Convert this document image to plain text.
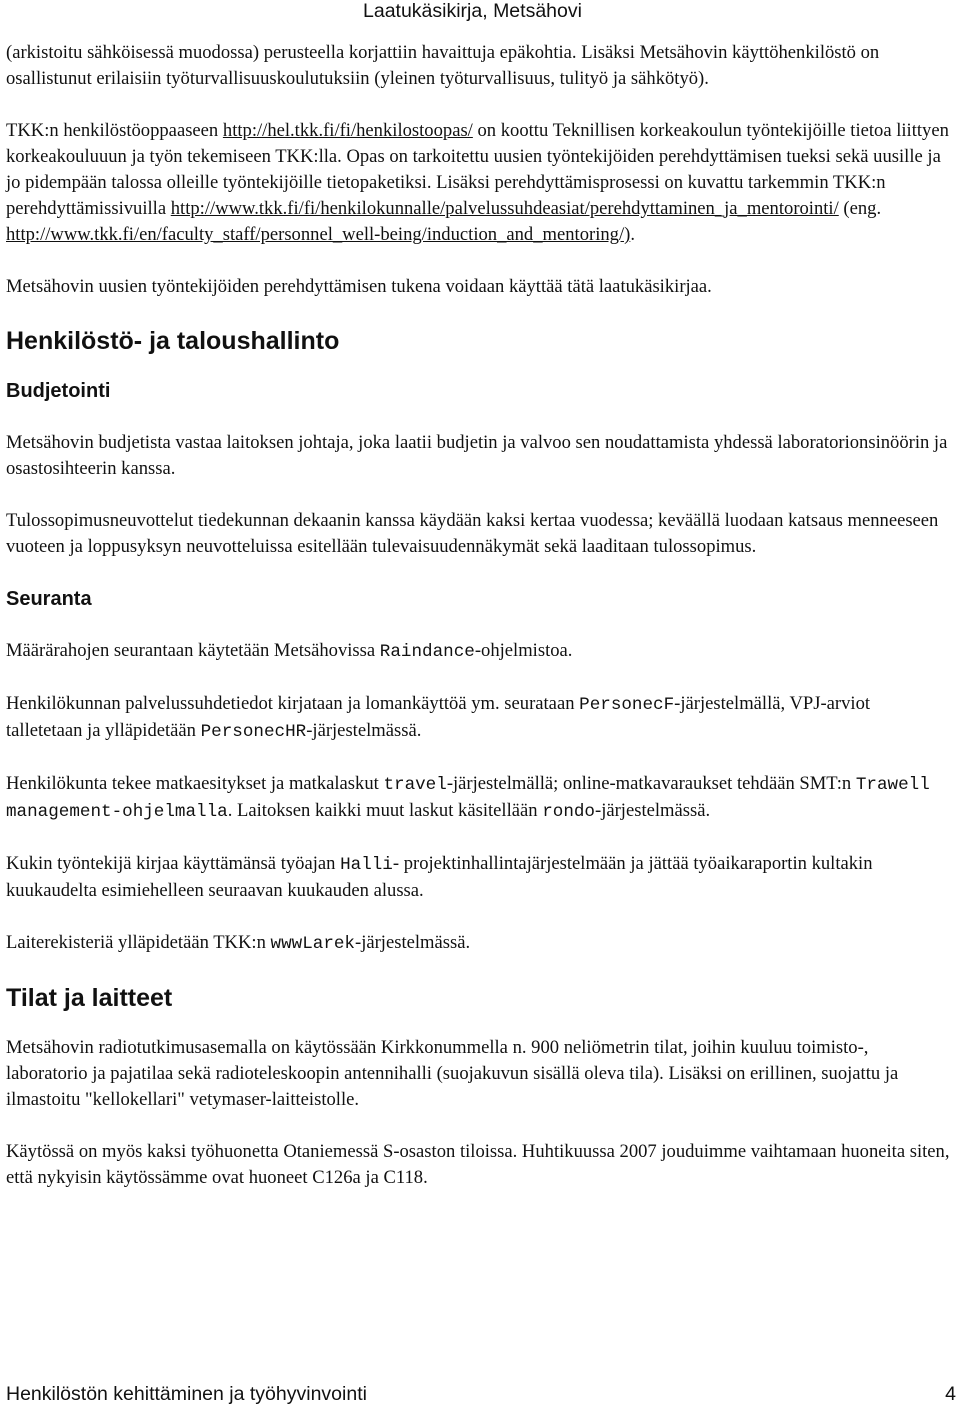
Laatukäsikirja, Metsähovi

(arkistoitu sähköisessä muodossa) perusteella korjattiin havaittuja epäkohtia. Lisäksi Metsähovin käyttöhenkilöstö on osallistunut erilaisiin työturvallisuuskoulutuksiin (yleinen työturvallisuus, tulityö ja sähkötyö).

TKK:n henkilöstöoppaaseen http://hel.tkk.fi/fi/henkilostoopas/ on koottu Teknillisen korkeakoulun työntekijöille tietoa liittyen korkeakouluuun ja työn tekemiseen TKK:lla. Opas on tarkoitettu uusien työntekijöiden perehdyttämisen tueksi sekä uusille ja jo pidempään talossa olleille työntekijöille tietopaketiksi. Lisäksi perehdyttämisprosessi on kuvattu tarkemmin TKK:n perehdyttämissivuilla http://www.tkk.fi/fi/henkilokunnalle/palvelussuhdeasiat/perehdyttaminen_ja_mentorointi/ (eng. http://www.tkk.fi/en/faculty_staff/personnel_well-being/induction_and_mentoring/).

Metsähovin uusien työntekijöiden perehdyttämisen tukena voidaan käyttää tätä laatukäsikirjaa.

Henkilöstö- ja taloushallinto
Budjetointi

Metsähovin budjetista vastaa laitoksen johtaja, joka laatii budjetin ja valvoo sen noudattamista yhdessä laboratorionsinöörin ja osastosihteerin kanssa.

Tulossopimusneuvottelut tiedekunnan dekaanin kanssa käydään kaksi kertaa vuodessa; keväällä luodaan katsaus menneeseen vuoteen ja loppusyksyn neuvotteluissa esitellään tulevaisuudennäkymät sekä laaditaan tulossopimus.

Seuranta

Määrärahojen seurantaan käytetään Metsähovissa Raindance-ohjelmistoa.

Henkilökunnan palvelussuhdetiedot kirjataan ja lomankäyttöä ym. seurataan PersonecF-järjestelmällä, VPJ-arviot talletetaan ja ylläpidetään PersonecHR-järjestelmässä.

Henkilökunta tekee matkaesitykset ja matkalaskut travel-järjestelmällä; online-matkavaraukset tehdään SMT:n Trawell management-ohjelmalla. Laitoksen kaikki muut laskut käsitellään rondo-järjestelmässä.

Kukin työntekijä kirjaa käyttämänsä työajan Halli- projektinhallintajärjestelmään ja jättää työaikaraportin kultakin kuukaudelta esimiehelleen seuraavan kuukauden alussa.

Laiterekisteriä ylläpidetään TKK:n wwwLarek-järjestelmässä.

Tilat ja laitteet

Metsähovin radiotutkimusasemalla on käytössään Kirkkonummella n. 900 neliömetrin tilat, joihin kuuluu toimisto-, laboratorio ja pajatilaa sekä radioteleskoopin antennihalli (suojakuvun sisällä oleva tila). Lisäksi on erillinen, suojattu ja ilmastoitu "kellokellari" vetymaser-laitteistolle.

Käytössä on myös kaksi työhuonetta Otaniemessä S-osaston tiloissa. Huhtikuussa 2007 jouduimme vaihtamaan huoneita siten, että nykyisin käytössämme ovat huoneet C126a ja C118.

Henkilöstön kehittäminen ja työhyvinvointi	4
